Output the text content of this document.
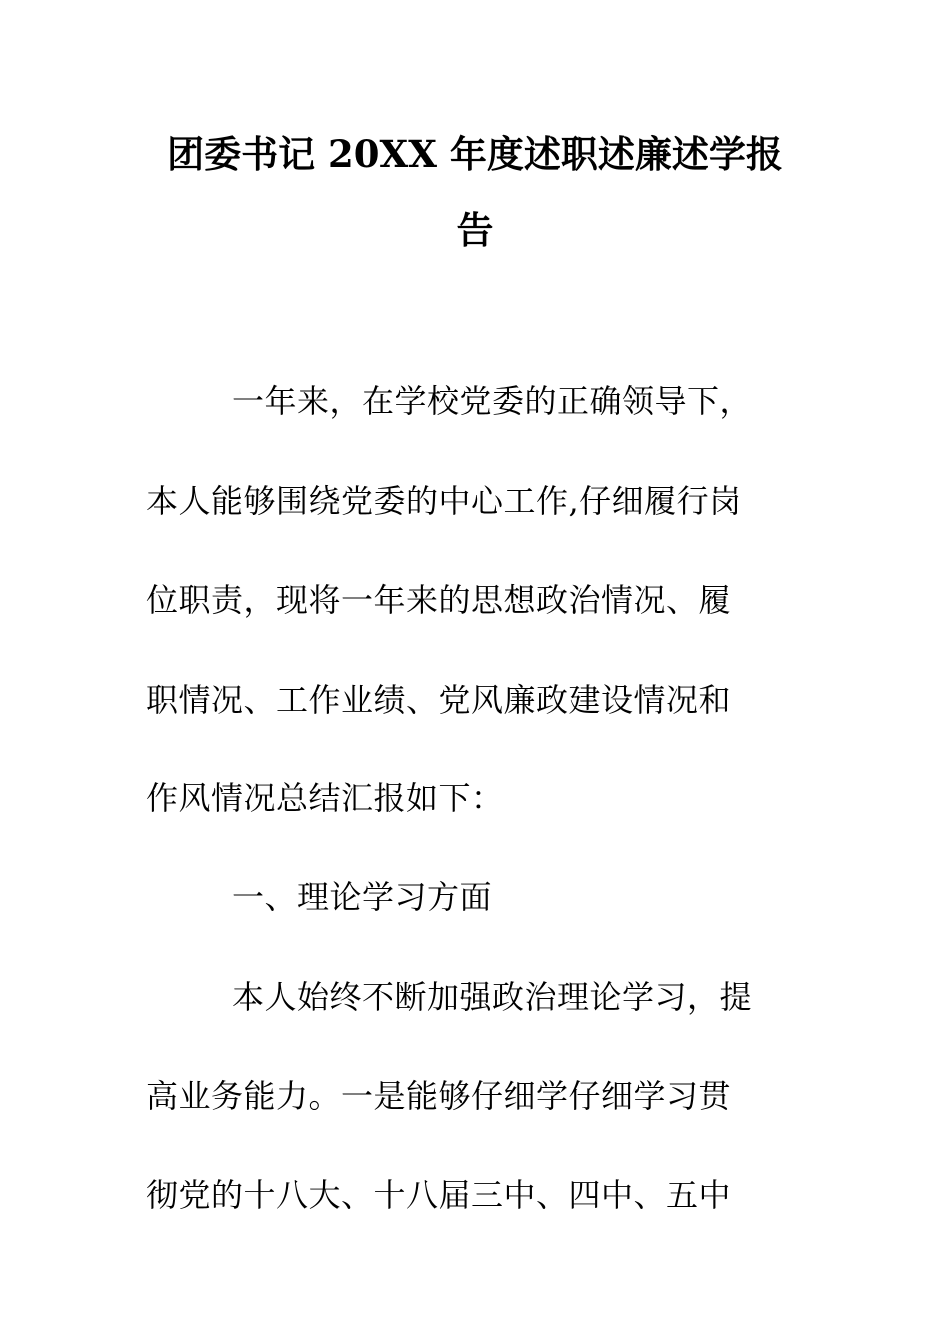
团委书记 20XX 年度述职述廉述学报
告
一年来，在学校党委的正确领导下，
本人能够围绕党委的中心工作,仔细履行岗
位职责，现将一年来的思想政治情况、履
职情况、工作业绩、党风廉政建设情况和
作风情况总结汇报如下：
一、理论学习方面
本人始终不断加强政治理论学习，提
高业务能力。一是能够仔细学仔细学习贯
彻党的十八大、十八届三中、四中、五中
